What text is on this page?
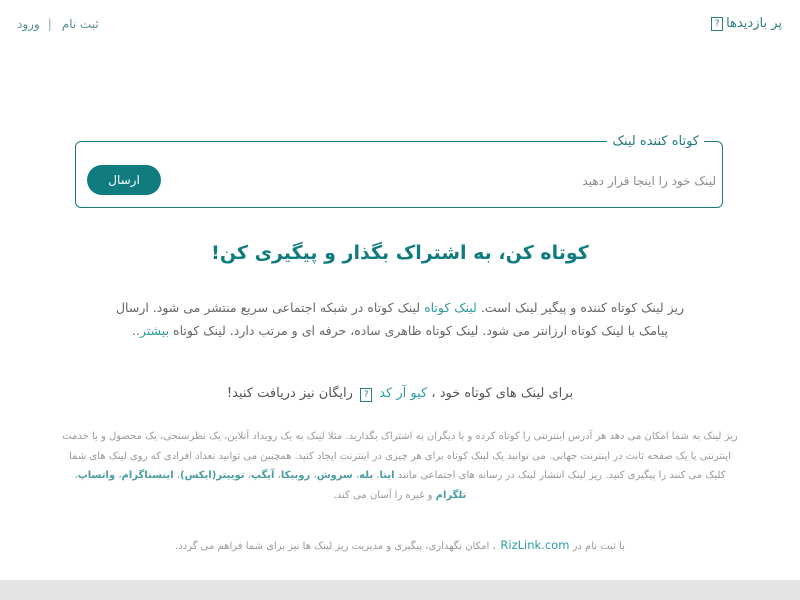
ورود | ثبت نام	پر بازدیدها
?
کوتاه کننده لینک
ارسال
لینک خود را اینجا قرار دهید
کوتاه کن، به اشتراک بگذار و پیگیری کن!
ریز لینک کوتاه کننده و پیگیر لینک است. لینک کوتاه لینک کوتاه در شبکه اجتماعی سریع منتشر می شود. ارسال پیامک با لینک کوتاه ارزانتر می شود. لینک کوتاه ظاهری ساده، حرفه ای و مرتب دارد. لینک کوتاه بیشتر..
برای لینک های کوتاه خود ، کیو آر کد ? رایگان نیز دریافت کنید!
ریز لینک به شما امکان می دهد هر آدرس اینترنتی را کوتاه کرده و با دیگران به اشتراک بگذارید. مثلا لینک به یک رویداد آنلاین، یک نظرسنجی، یک محصول و یا خدمت اینترنتی یا یک صفحه ثابت در اینترنت جهانی. می توانید یک لینک کوتاه برای هر چیزی در اینترنت ایجاد کنید. همچنین می توانید تعداد افرادی که روی لینک های شما کلیک می کنند را پیگیری کنید. ریز لینک انتشار لینک در رسانه های اجتماعی مانند ایتا، بله، سروش، روبیکا، آیگپ، توییتر(ایکس)، اینستاگرام، واتساپ، تلگرام و غیره را آسان می کند.
با ثبت نام در RizLink.com ، امکان نگهداری، پیگیری و مدیریت ریز لینک ها نیز برای شما فراهم می گردد.
